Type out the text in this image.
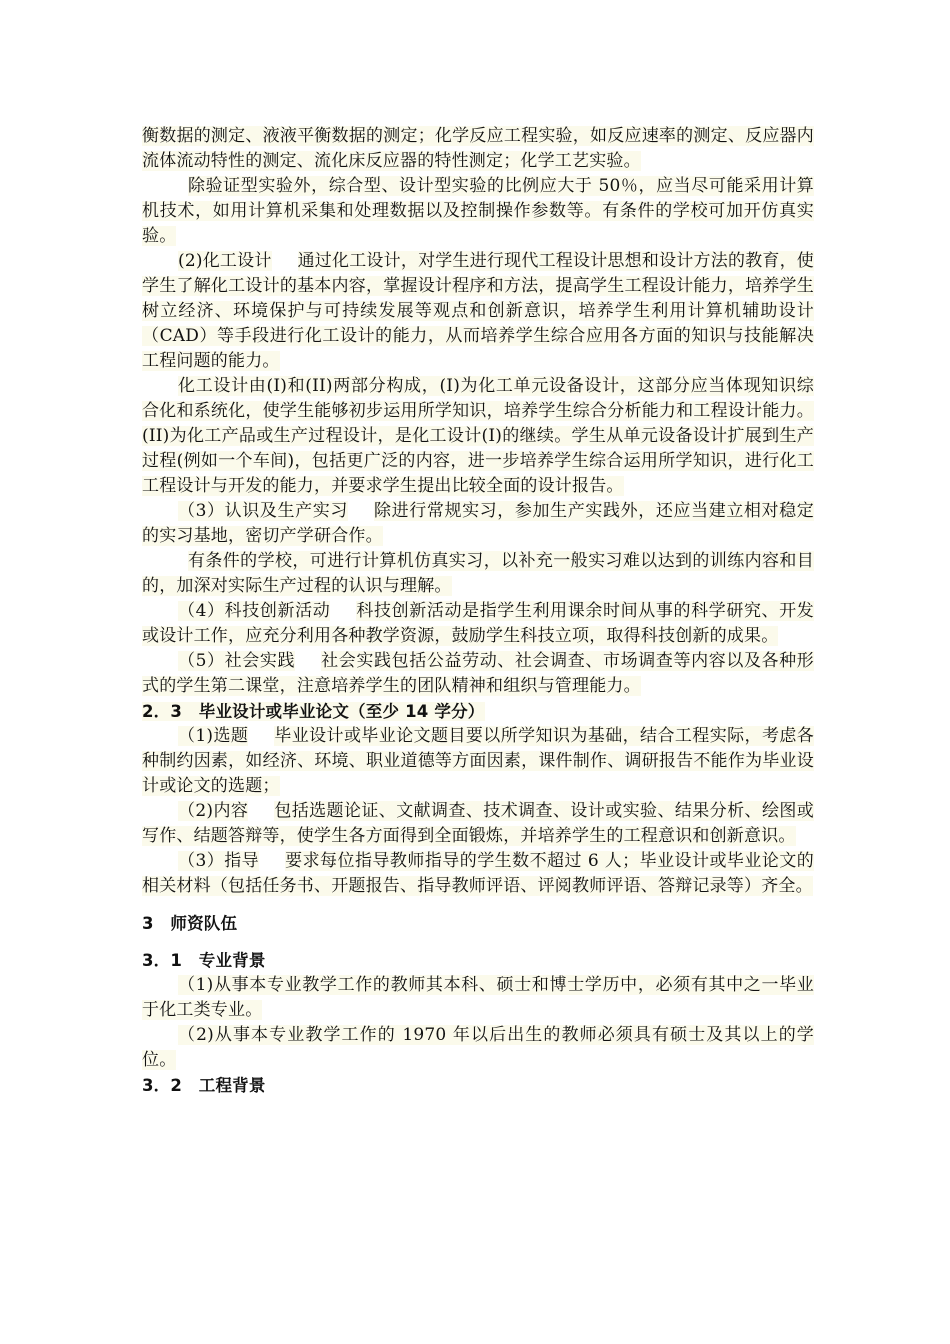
衡数据的测定、液液平衡数据的测定；化学反应工程实验，如反应速率的测定、反应器内流体流动特性的测定、流化床反应器的特性测定；化学工艺实验。

除验证型实验外，综合型、设计型实验的比例应大于 50％，应当尽可能采用计算机技术，如用计算机采集和处理数据以及控制操作参数等。有条件的学校可加开仿真实验。

(2)化工设计 通过化工设计，对学生进行现代工程设计思想和设计方法的教育，使学生了解化工设计的基本内容，掌握设计程序和方法，提高学生工程设计能力，培养学生树立经济、环境保护与可持续发展等观点和创新意识，培养学生利用计算机辅助设计（CAD）等手段进行化工设计的能力，从而培养学生综合应用各方面的知识与技能解决工程问题的能力。

化工设计由(I)和(II)两部分构成，(I)为化工单元设备设计，这部分应当体现知识综合化和系统化，使学生能够初步运用所学知识，培养学生综合分析能力和工程设计能力。(II)为化工产品或生产过程设计，是化工设计(I)的继续。学生从单元设备设计扩展到生产过程(例如一个车间)，包括更广泛的内容，进一步培养学生综合运用所学知识，进行化工工程设计与开发的能力，并要求学生提出比较全面的设计报告。

（3）认识及生产实习 除进行常规实习，参加生产实践外，还应当建立相对稳定的实习基地，密切产学研合作。

有条件的学校，可进行计算机仿真实习，以补充一般实习难以达到的训练内容和目的，加深对实际生产过程的认识与理解。

（4）科技创新活动 科技创新活动是指学生利用课余时间从事的科学研究、开发或设计工作，应充分利用各种教学资源，鼓励学生科技立项，取得科技创新的成果。

（5）社会实践 社会实践包括公益劳动、社会调查、市场调查等内容以及各种形式的学生第二课堂，注意培养学生的团队精神和组织与管理能力。

2．3　毕业设计或毕业论文（至少 14 学分）

（1)选题 毕业设计或毕业论文题目要以所学知识为基础，结合工程实际，考虑各种制约因素，如经济、环境、职业道德等方面因素，课件制作、调研报告不能作为毕业设计或论文的选题；

（2)内容 包括选题论证、文献调查、技术调查、设计或实验、结果分析、绘图或写作、结题答辩等，使学生各方面得到全面锻炼，并培养学生的工程意识和创新意识。

（3）指导 要求每位指导教师指导的学生数不超过 6 人；毕业设计或毕业论文的相关材料（包括任务书、开题报告、指导教师评语、评阅教师评语、答辩记录等）齐全。

3　师资队伍

3．1　专业背景

（1)从事本专业教学工作的教师其本科、硕士和博士学历中，必须有其中之一毕业于化工类专业。

（2)从事本专业教学工作的 1970 年以后出生的教师必须具有硕士及其以上的学位。

3．2　工程背景
